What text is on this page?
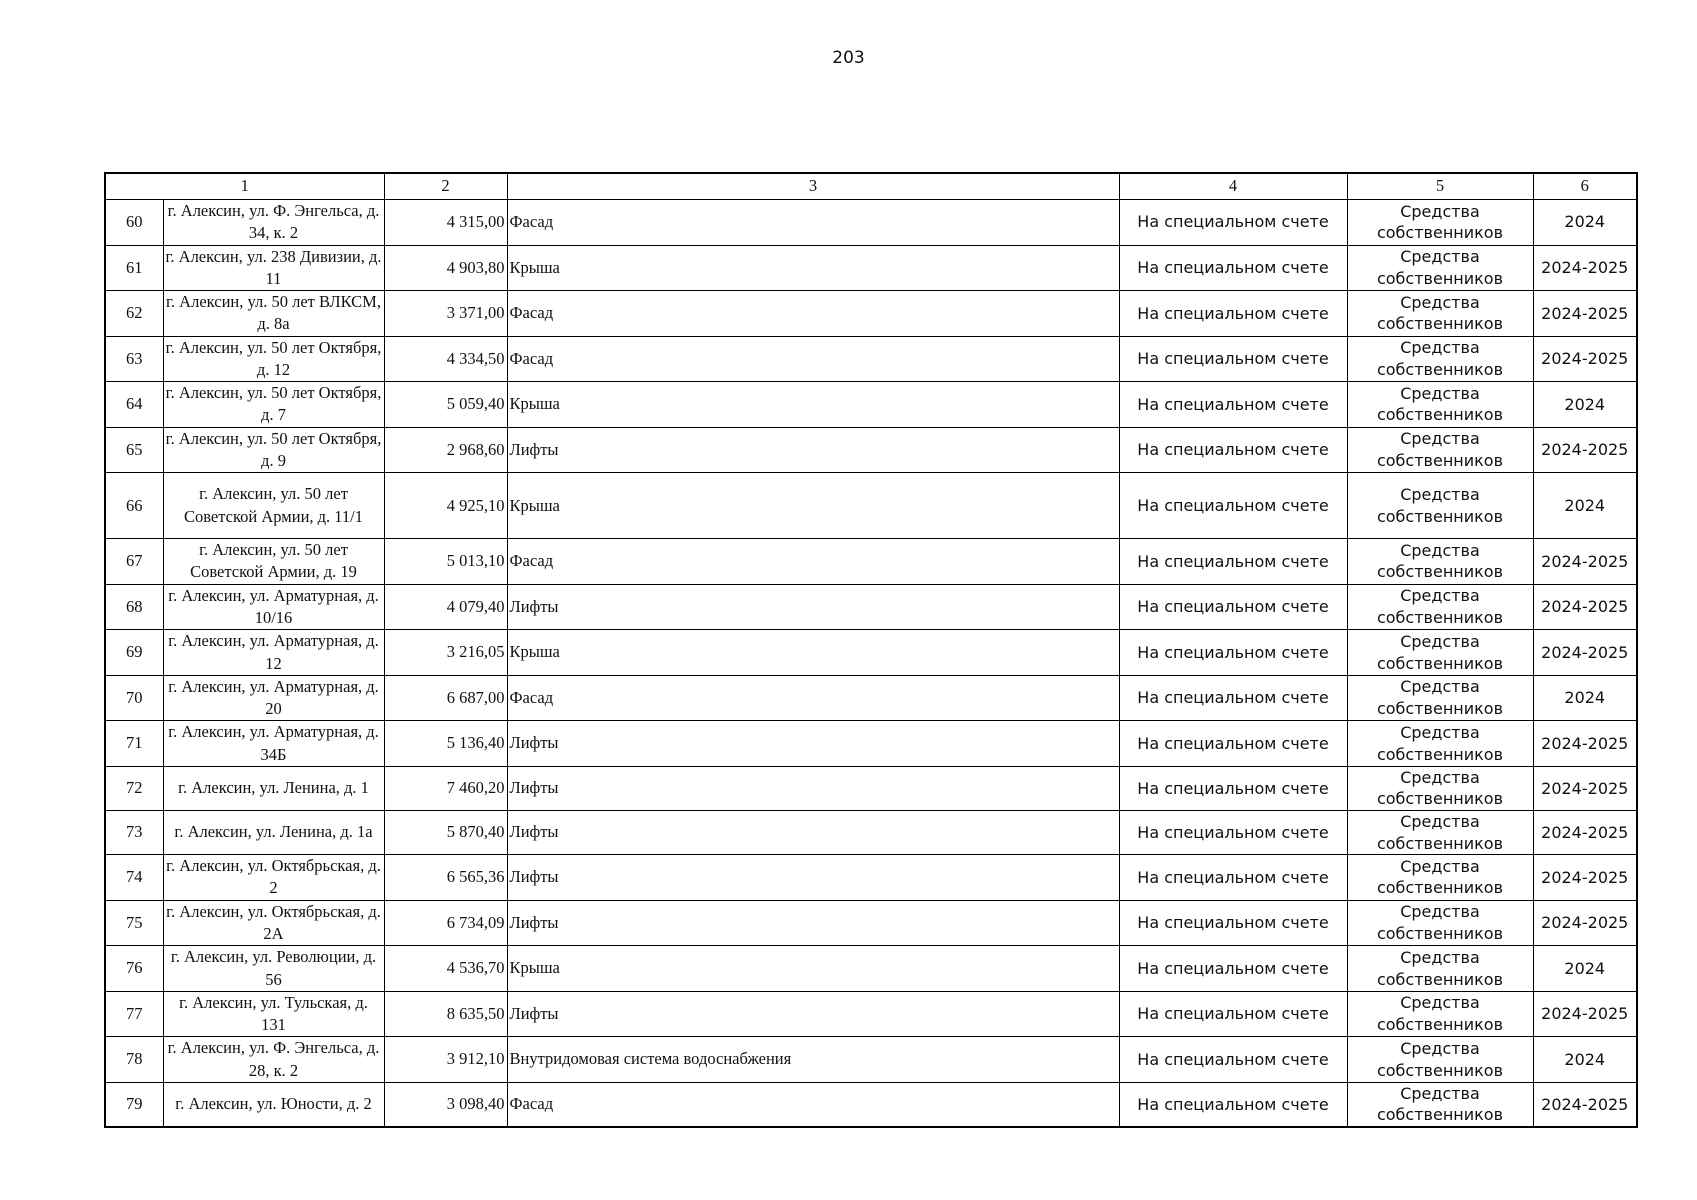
203
1		2	3	4	5	6
60	г. Алексин, ул. Ф. Энгельса, д. 34, к. 2	4 315,00	Фасад	На специальном счете	Средства собственников	2024
61	г. Алексин, ул. 238 Дивизии, д. 11	4 903,80	Крыша	На специальном счете	Средства собственников	2024-2025
62	г. Алексин, ул. 50 лет ВЛКСМ, д. 8а	3 371,00	Фасад	На специальном счете	Средства собственников	2024-2025
63	г. Алексин, ул. 50 лет Октября, д. 12	4 334,50	Фасад	На специальном счете	Средства собственников	2024-2025
64	г. Алексин, ул. 50 лет Октября, д. 7	5 059,40	Крыша	На специальном счете	Средства собственников	2024
65	г. Алексин, ул. 50 лет Октября, д. 9	2 968,60	Лифты	На специальном счете	Средства собственников	2024-2025
66	г. Алексин, ул. 50 лет Советской Армии, д. 11/1	4 925,10	Крыша	На специальном счете	Средства собственников	2024
67	г. Алексин, ул. 50 лет Советской Армии, д. 19	5 013,10	Фасад	На специальном счете	Средства собственников	2024-2025
68	г. Алексин, ул. Арматурная, д. 10/16	4 079,40	Лифты	На специальном счете	Средства собственников	2024-2025
69	г. Алексин, ул. Арматурная, д. 12	3 216,05	Крыша	На специальном счете	Средства собственников	2024-2025
70	г. Алексин, ул. Арматурная, д. 20	6 687,00	Фасад	На специальном счете	Средства собственников	2024
71	г. Алексин, ул. Арматурная, д. 34Б	5 136,40	Лифты	На специальном счете	Средства собственников	2024-2025
72	г. Алексин, ул. Ленина, д. 1	7 460,20	Лифты	На специальном счете	Средства собственников	2024-2025
73	г. Алексин, ул. Ленина, д. 1а	5 870,40	Лифты	На специальном счете	Средства собственников	2024-2025
74	г. Алексин, ул. Октябрьская, д. 2	6 565,36	Лифты	На специальном счете	Средства собственников	2024-2025
75	г. Алексин, ул. Октябрьская, д. 2А	6 734,09	Лифты	На специальном счете	Средства собственников	2024-2025
76	г. Алексин, ул. Революции, д. 56	4 536,70	Крыша	На специальном счете	Средства собственников	2024
77	г. Алексин, ул. Тульская, д. 131	8 635,50	Лифты	На специальном счете	Средства собственников	2024-2025
78	г. Алексин, ул. Ф. Энгельса, д. 28, к. 2	3 912,10	Внутридомовая система водоснабжения	На специальном счете	Средства собственников	2024
79	г. Алексин, ул. Юности, д. 2	3 098,40	Фасад	На специальном счете	Средства собственников	2024-2025
